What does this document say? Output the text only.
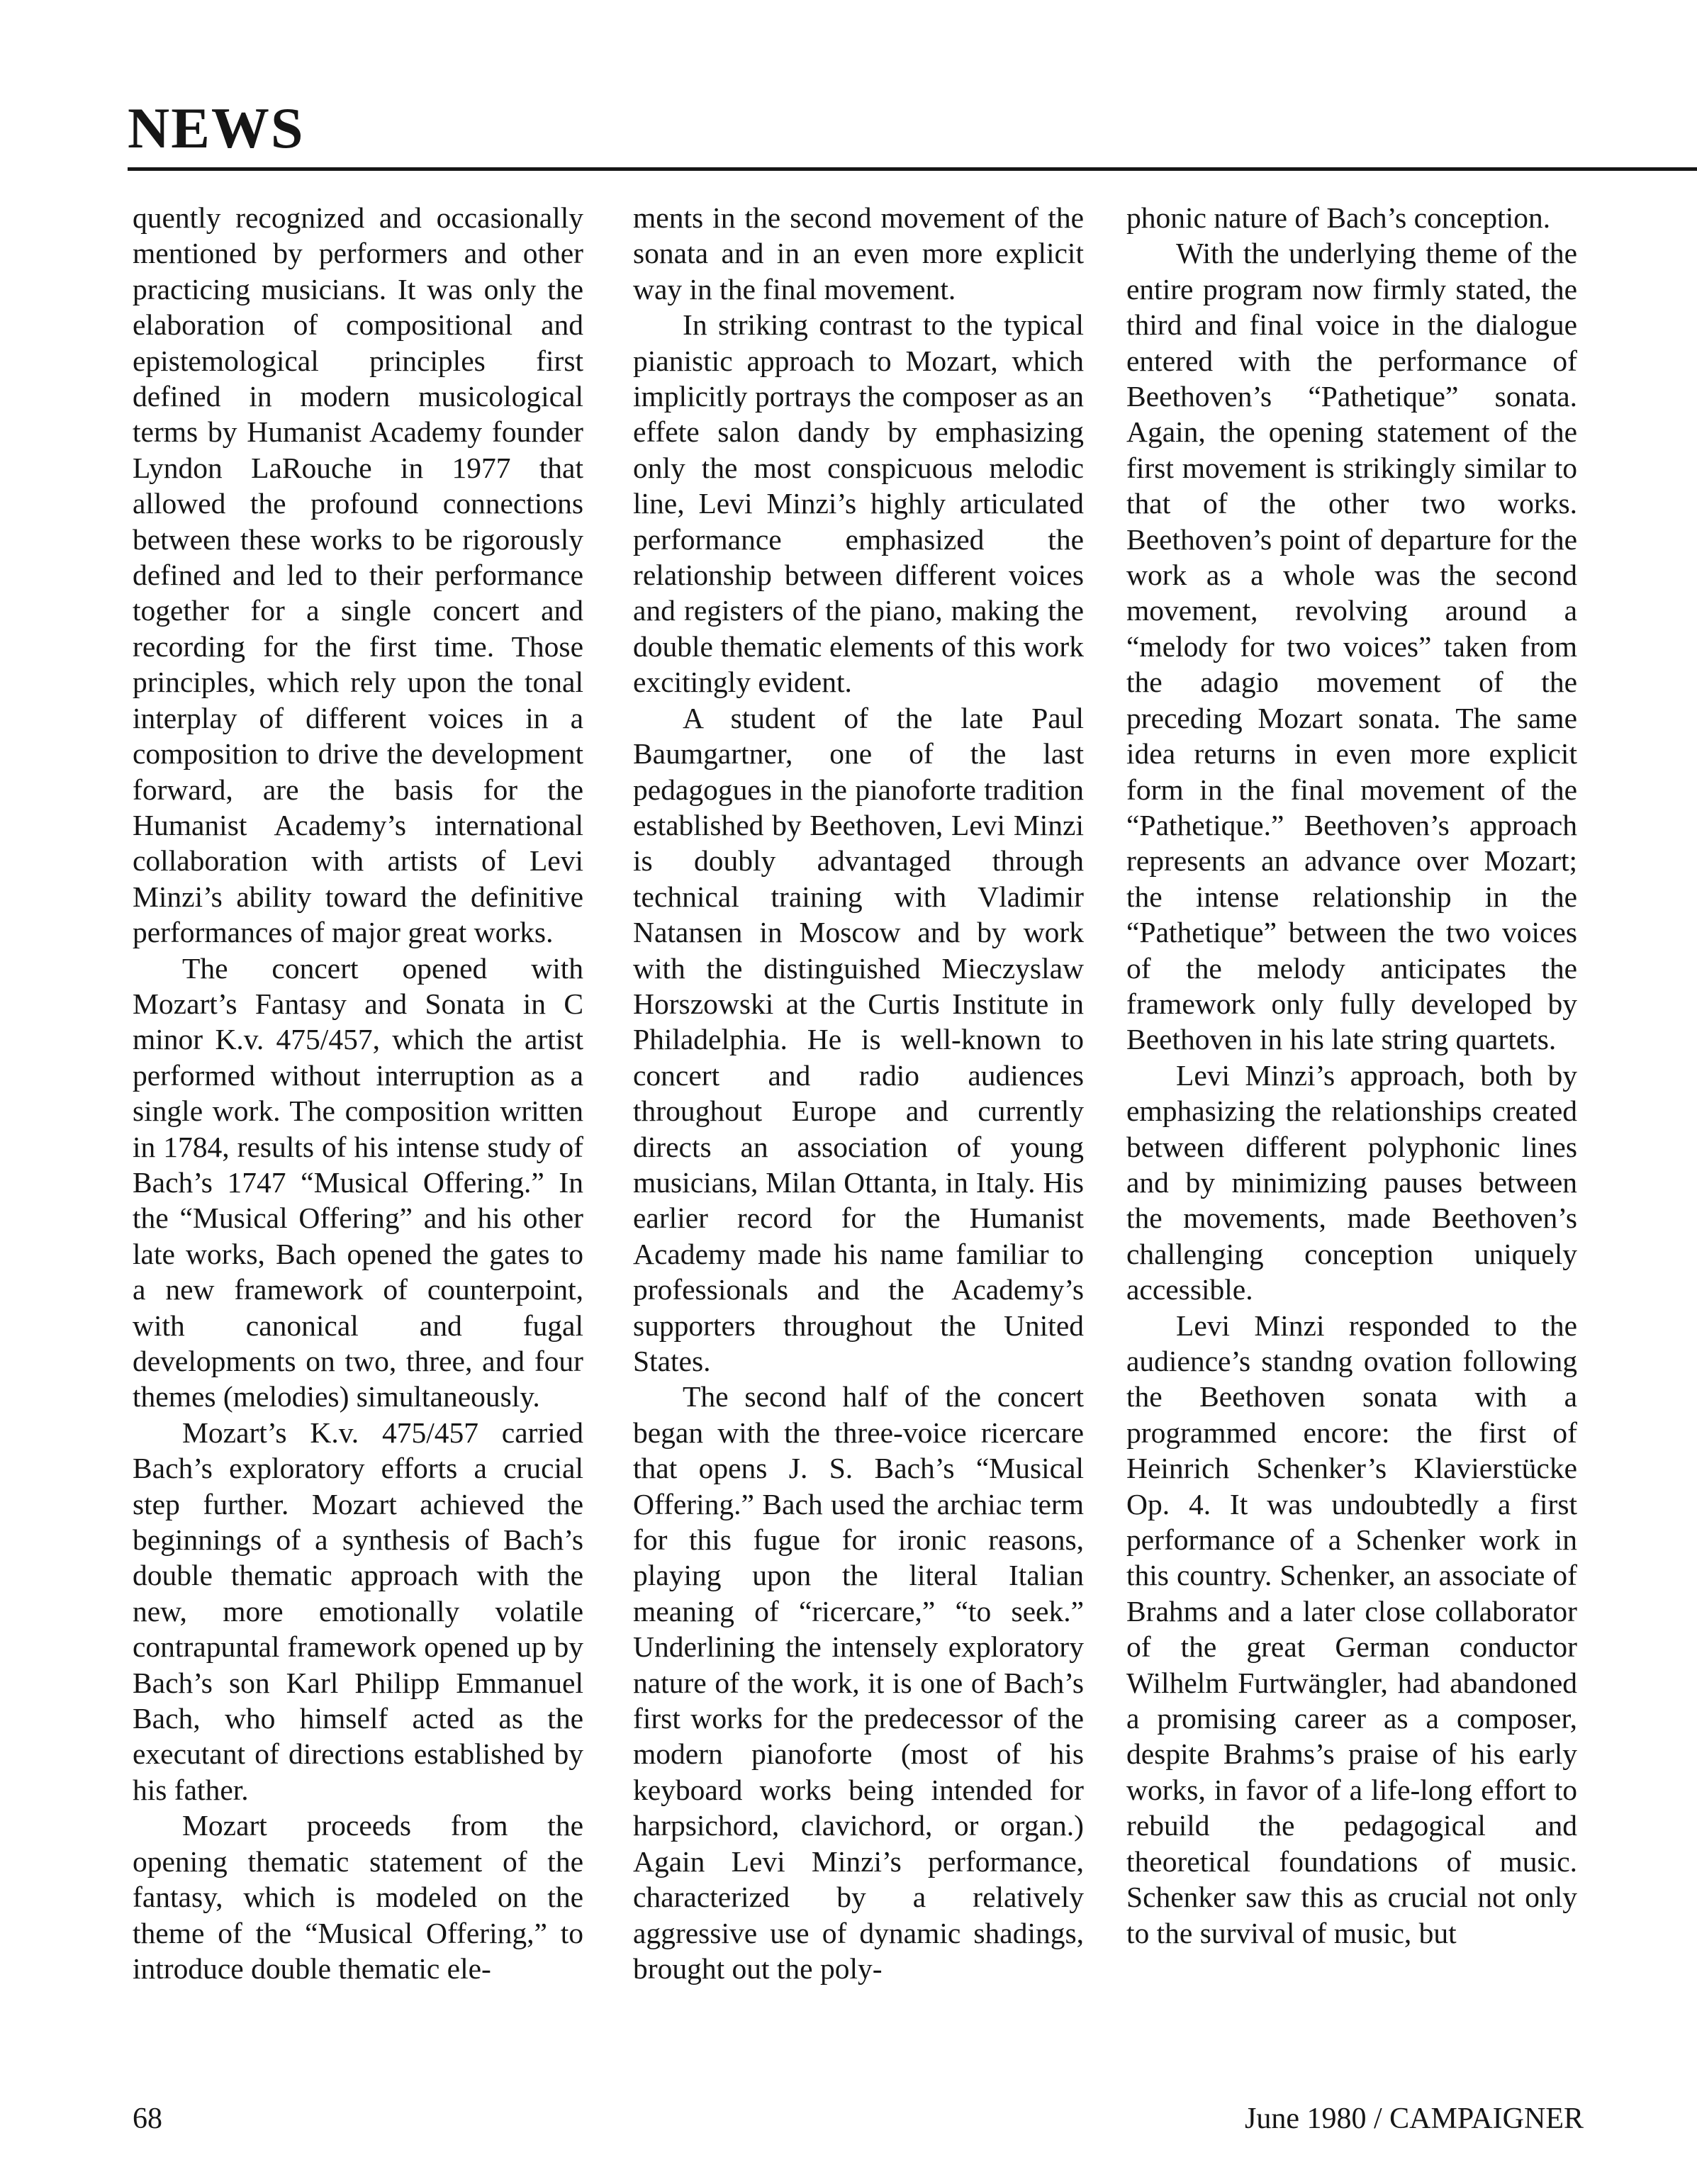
NEWS

quently recognized and occasionally mentioned by performers and other practicing musicians. It was only the elaboration of compositional and epistemological principles first defined in modern musicological terms by Humanist Academy founder Lyndon LaRouche in 1977 that allowed the profound connections between these works to be rigorously defined and led to their performance together for a single concert and recording for the first time. Those principles, which rely upon the tonal interplay of different voices in a composition to drive the development forward, are the basis for the Humanist Academy’s international collaboration with artists of Levi Minzi’s ability toward the definitive performances of major great works.

The concert opened with Mozart’s Fantasy and Sonata in C minor K.v. 475/457, which the artist performed without interruption as a single work. The composition written in 1784, results of his intense study of Bach’s 1747 “Musical Offering.” In the “Musical Offering” and his other late works, Bach opened the gates to a new framework of counterpoint, with canonical and fugal developments on two, three, and four themes (melodies) simultaneously.

Mozart’s K.v. 475/457 carried Bach’s exploratory efforts a crucial step further. Mozart achieved the beginnings of a synthesis of Bach’s double thematic approach with the new, more emotionally volatile contrapuntal framework opened up by Bach’s son Karl Philipp Emmanuel Bach, who himself acted as the executant of directions established by his father.

Mozart proceeds from the opening thematic statement of the fantasy, which is modeled on the theme of the “Musical Offering,” to introduce double thematic ele-

ments in the second movement of the sonata and in an even more explicit way in the final movement.

In striking contrast to the typical pianistic approach to Mozart, which implicitly portrays the composer as an effete salon dandy by emphasizing only the most conspicuous melodic line, Levi Minzi’s highly articulated performance emphasized the relationship between different voices and registers of the piano, making the double thematic elements of this work excitingly evident.

A student of the late Paul Baumgartner, one of the last pedagogues in the pianoforte tradition established by Beethoven, Levi Minzi is doubly advantaged through technical training with Vladimir Natansen in Moscow and by work with the distinguished Mieczyslaw Horszowski at the Curtis Institute in Philadelphia. He is well-known to concert and radio audiences throughout Europe and currently directs an association of young musicians, Milan Ottanta, in Italy. His earlier record for the Humanist Academy made his name familiar to professionals and the Academy’s supporters throughout the United States.

The second half of the concert began with the three-voice ricercare that opens J. S. Bach’s “Musical Offering.” Bach used the archiac term for this fugue for ironic reasons, playing upon the literal Italian meaning of “ricercare,” “to seek.” Underlining the intensely exploratory nature of the work, it is one of Bach’s first works for the predecessor of the modern pianoforte (most of his keyboard works being intended for harpsichord, clavichord, or organ.) Again Levi Minzi’s performance, characterized by a relatively aggressive use of dynamic shadings, brought out the poly-

phonic nature of Bach’s conception.

With the underlying theme of the entire program now firmly stated, the third and final voice in the dialogue entered with the performance of Beethoven’s “Pathetique” sonata. Again, the opening statement of the first movement is strikingly similar to that of the other two works. Beethoven’s point of departure for the work as a whole was the second movement, revolving around a “melody for two voices” taken from the adagio movement of the preceding Mozart sonata. The same idea returns in even more explicit form in the final movement of the “Pathetique.” Beethoven’s approach represents an advance over Mozart; the intense relationship in the “Pathetique” between the two voices of the melody anticipates the framework only fully developed by Beethoven in his late string quartets.

Levi Minzi’s approach, both by emphasizing the relationships created between different polyphonic lines and by minimizing pauses between the movements, made Beethoven’s challenging conception uniquely accessible.

Levi Minzi responded to the audience’s standng ovation following the Beethoven sonata with a programmed encore: the first of Heinrich Schenker’s Klavierstücke Op. 4. It was undoubtedly a first performance of a Schenker work in this country. Schenker, an associate of Brahms and a later close collaborator of the great German conductor Wilhelm Furtwängler, had abandoned a promising career as a composer, despite Brahms’s praise of his early works, in favor of a life-long effort to rebuild the pedagogical and theoretical foundations of music. Schenker saw this as crucial not only to the survival of music, but

68	June 1980 / CAMPAIGNER
